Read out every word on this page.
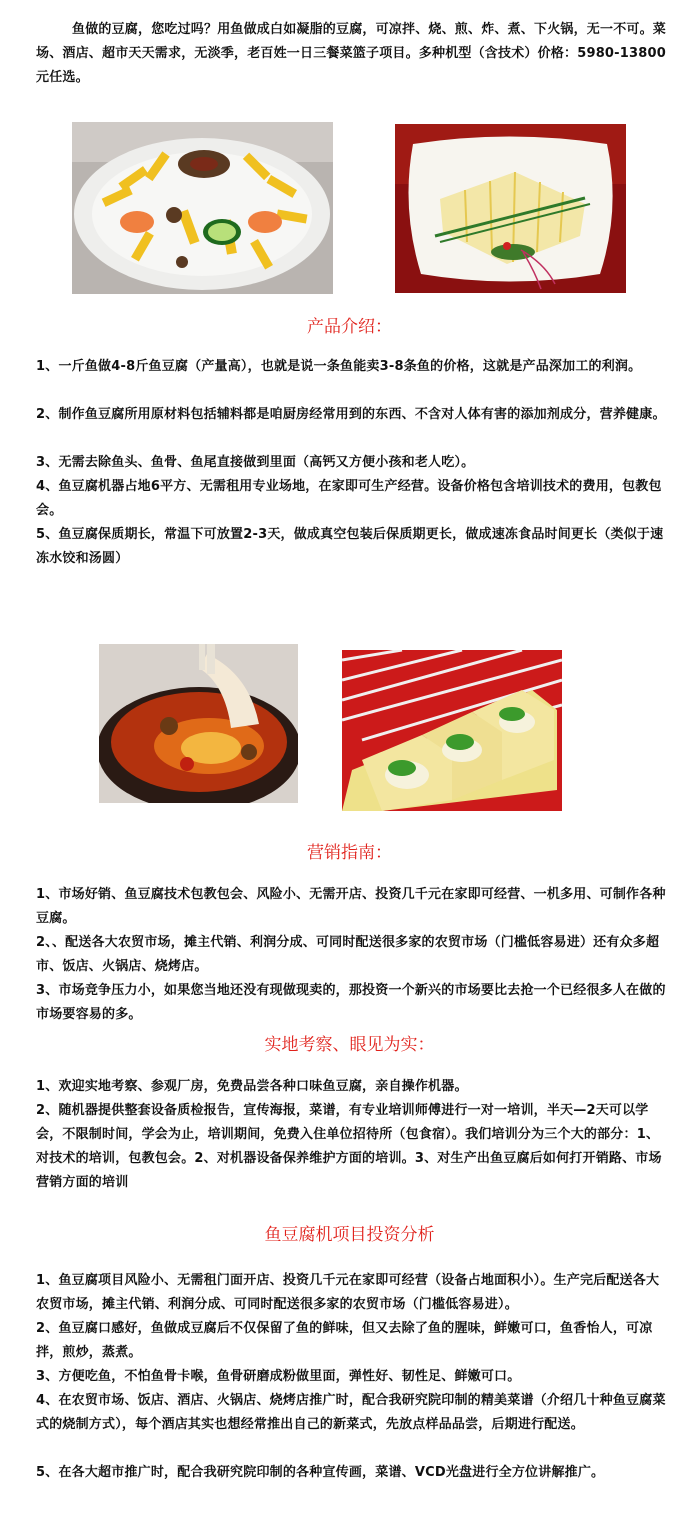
鱼做的豆腐，您吃过吗？用鱼做成白如凝脂的豆腐，可凉拌、烧、煎、炸、煮、下火锅，无一不可。菜场、酒店、超市天天需求，无淡季，老百姓一日三餐菜篮子项目。多种机型（含技术）价格：5980-13800元任选。

产品介绍：

1、一斤鱼做4-8斤鱼豆腐（产量高），也就是说一条鱼能卖3-8条鱼的价格，这就是产品深加工的利润。

2、制作鱼豆腐所用原材料包括辅料都是咱厨房经常用到的东西、不含对人体有害的添加剂成分，营养健康。

3、无需去除鱼头、鱼骨、鱼尾直接做到里面（高钙又方便小孩和老人吃）。

4、鱼豆腐机器占地6平方、无需租用专业场地，在家即可生产经营。设备价格包含培训技术的费用，包教包会。

5、鱼豆腐保质期长，常温下可放置2-3天，做成真空包装后保质期更长，做成速冻食品时间更长（类似于速冻水饺和汤圆）

营销指南：

1、市场好销、鱼豆腐技术包教包会、风险小、无需开店、投资几千元在家即可经营、一机多用、可制作各种豆腐。

2、、配送各大农贸市场，摊主代销、利润分成、可同时配送很多家的农贸市场（门槛低容易进）还有众多超市、饭店、火锅店、烧烤店。

3、市场竞争压力小，如果您当地还没有现做现卖的，那投资一个新兴的市场要比去抢一个已经很多人在做的市场要容易的多。

实地考察、眼见为实：

1、欢迎实地考察、参观厂房，免费品尝各种口味鱼豆腐，亲自操作机器。

2、随机器提供整套设备质检报告，宣传海报，菜谱，有专业培训师傅进行一对一培训，半天—2天可以学会，不限制时间，学会为止，培训期间，免费入住单位招待所（包食宿）。我们培训分为三个大的部分：1、对技术的培训，包教包会。2、对机器设备保养维护方面的培训。3、对生产出鱼豆腐后如何打开销路、市场营销方面的培训

鱼豆腐机项目投资分析

1、鱼豆腐项目风险小、无需租门面开店、投资几千元在家即可经营（设备占地面积小）。生产完后配送各大农贸市场，摊主代销、利润分成、可同时配送很多家的农贸市场（门槛低容易进）。

2、鱼豆腐口感好，鱼做成豆腐后不仅保留了鱼的鲜味，但又去除了鱼的腥味，鲜嫩可口，鱼香怡人，可凉拌，煎炒，蒸煮。

3、方便吃鱼，不怕鱼骨卡喉，鱼骨研磨成粉做里面，弹性好、韧性足、鲜嫩可口。

4、在农贸市场、饭店、酒店、火锅店、烧烤店推广时，配合我研究院印制的精美菜谱（介绍几十种鱼豆腐菜式的烧制方式），每个酒店其实也想经常推出自己的新菜式，先放点样品品尝，后期进行配送。

5、在各大超市推广时，配合我研究院印制的各种宣传画，菜谱、VCD光盘进行全方位讲解推广。
